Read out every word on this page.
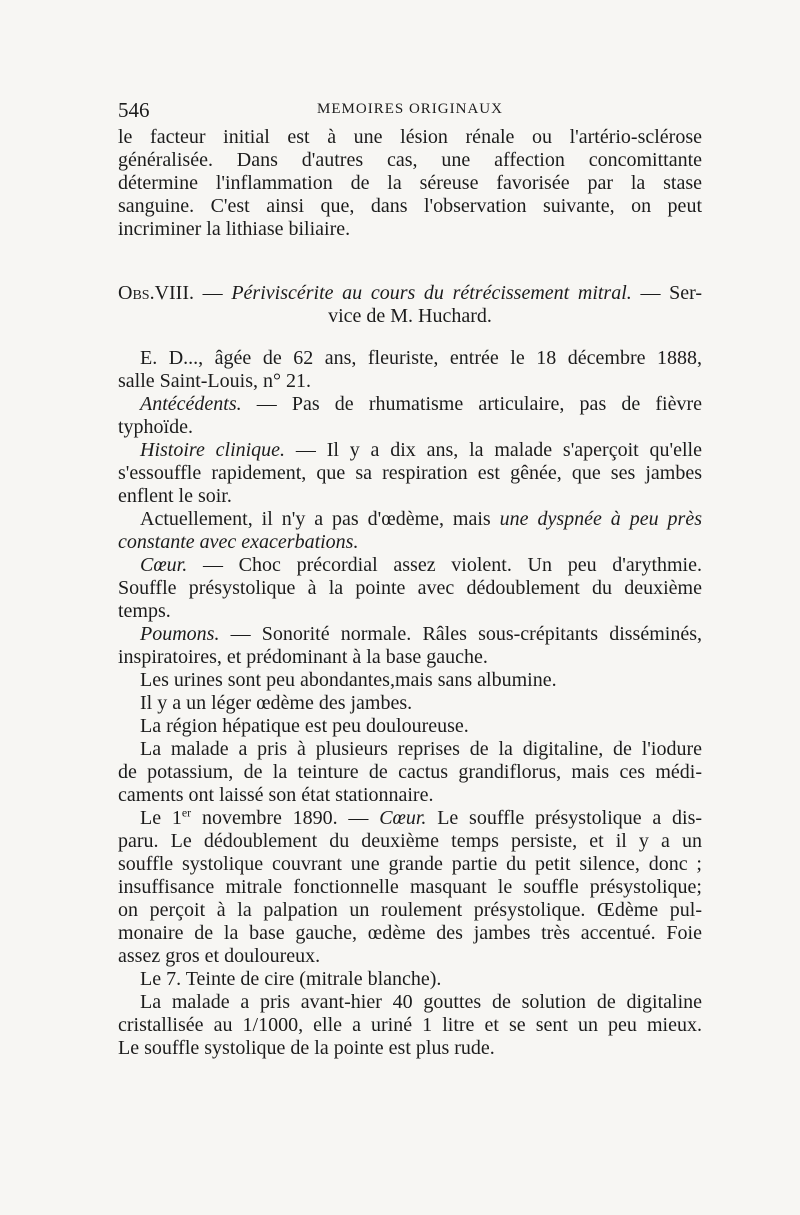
546	MEMOIRES ORIGINAUX
le facteur initial est à une lésion rénale ou l'artério-sclérose
généralisée. Dans d'autres cas, une affection concomittante
détermine l'inflammation de la séreuse favorisée par la stase
sanguine. C'est ainsi que, dans l'observation suivante, on peut
incriminer la lithiase biliaire.
Obs.VIII. — Périviscérite au cours du rétrécissement mitral. — Ser-
vice de M. Huchard.
E. D..., âgée de 62 ans, fleuriste, entrée le 18 décembre 1888,
salle Saint-Louis, n° 21.
Antécédents. — Pas de rhumatisme articulaire, pas de fièvre
typhoïde.
Histoire clinique. — Il y a dix ans, la malade s'aperçoit qu'elle
s'essouffle rapidement, que sa respiration est gênée, que ses jambes
enflent le soir.
Actuellement, il n'y a pas d'œdème, mais une dyspnée à peu près
constante avec exacerbations.
Cœur. — Choc précordial assez violent. Un peu d'arythmie.
Souffle présystolique à la pointe avec dédoublement du deuxième
temps.
Poumons. — Sonorité normale. Râles sous-crépitants disséminés,
inspiratoires, et prédominant à la base gauche.
Les urines sont peu abondantes,mais sans albumine.
Il y a un léger œdème des jambes.
La région hépatique est peu douloureuse.
La malade a pris à plusieurs reprises de la digitaline, de l'iodure
de potassium, de la teinture de cactus grandiflorus, mais ces médi-
caments ont laissé son état stationnaire.
Le 1er novembre 1890. — Cœur. Le souffle présystolique a dis-
paru. Le dédoublement du deuxième temps persiste, et il y a un
souffle systolique couvrant une grande partie du petit silence, donc ;
insuffisance mitrale fonctionnelle masquant le souffle présystolique;
on perçoit à la palpation un roulement présystolique. Œdème pul-
monaire de la base gauche, œdème des jambes très accentué. Foie
assez gros et douloureux.
Le 7. Teinte de cire (mitrale blanche).
La malade a pris avant-hier 40 gouttes de solution de digitaline
cristallisée au 1/1000, elle a uriné 1 litre et se sent un peu mieux.
Le souffle systolique de la pointe est plus rude.
